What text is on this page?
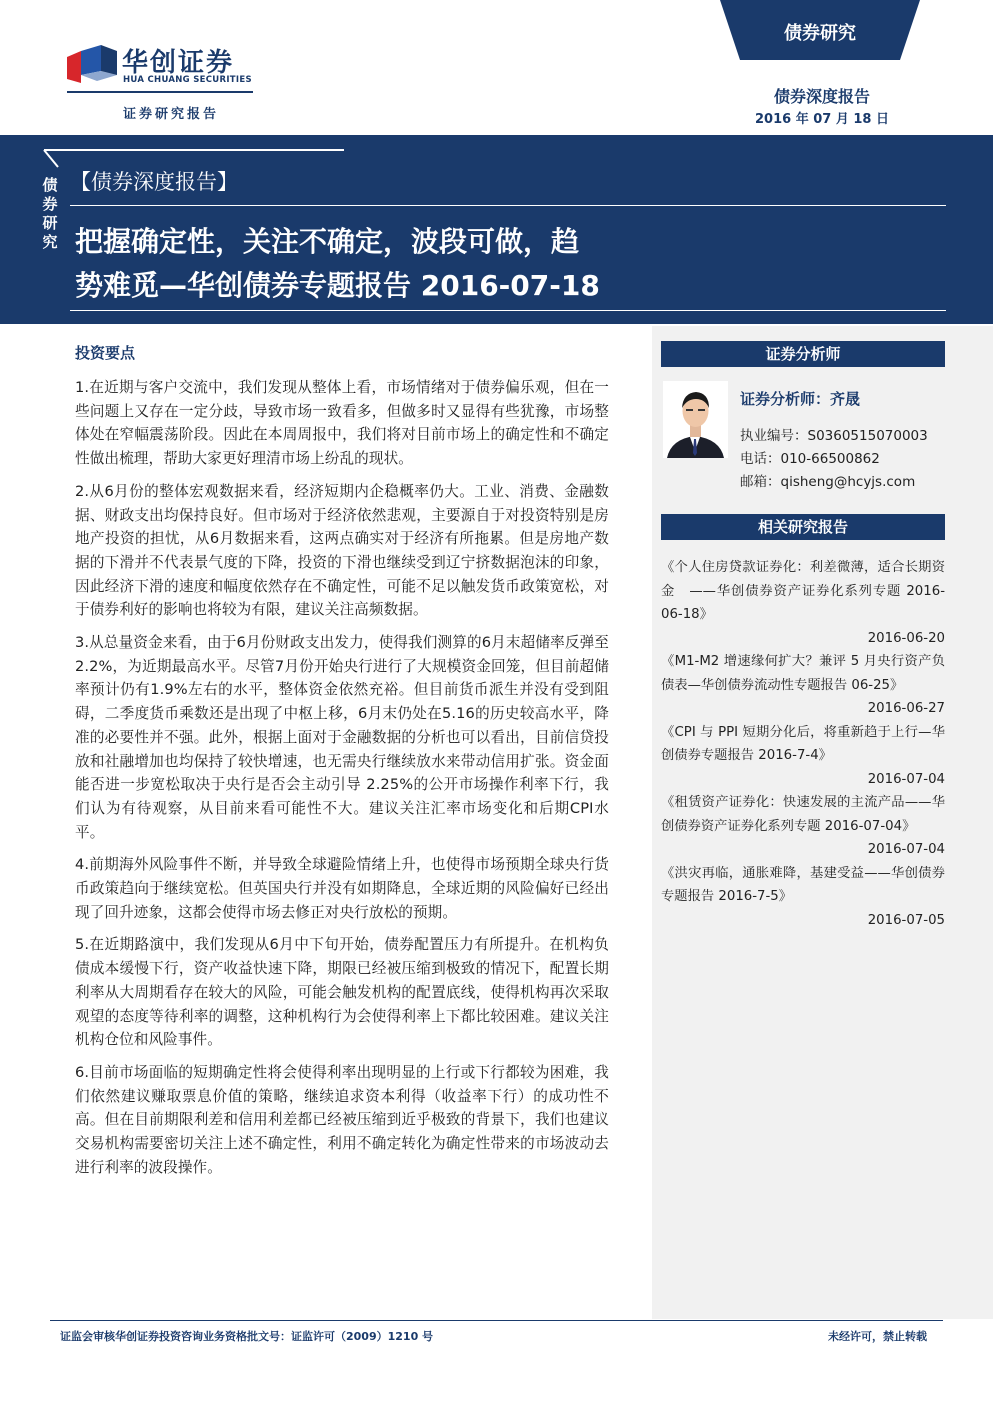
华创证券
HUA CHUANG SECURITIES
证券研究报告
债券研究
债券深度报告
2016 年 07 月 18 日
债
券
研
究
【债券深度报告】
把握确定性，关注不确定，波段可做，趋
势难觅—华创债券专题报告 2016-07-18
投资要点

1.在近期与客户交流中，我们发现从整体上看，市场情绪对于债券偏乐观，但在一些问题上又存在一定分歧，导致市场一致看多，但做多时又显得有些犹豫，市场整体处在窄幅震荡阶段。因此在本周周报中，我们将对目前市场上的确定性和不确定性做出梳理，帮助大家更好理清市场上纷乱的现状。

2.从6月份的整体宏观数据来看，经济短期内企稳概率仍大。工业、消费、金融数据、财政支出均保持良好。但市场对于经济依然悲观，主要源自于对投资特别是房地产投资的担忧，从6月数据来看，这两点确实对于经济有所拖累。但是房地产数据的下滑并不代表景气度的下降，投资的下滑也继续受到辽宁挤数据泡沫的印象，因此经济下滑的速度和幅度依然存在不确定性，可能不足以触发货币政策宽松，对于债券利好的影响也将较为有限，建议关注高频数据。

3.从总量资金来看，由于6月份财政支出发力，使得我们测算的6月末超储率反弹至2.2%，为近期最高水平。尽管7月份开始央行进行了大规模资金回笼，但目前超储率预计仍有1.9%左右的水平，整体资金依然充裕。但目前货币派生并没有受到阻碍，二季度货币乘数还是出现了中枢上移，6月末仍处在5.16的历史较高水平，降准的必要性并不强。此外，根据上面对于金融数据的分析也可以看出，目前信贷投放和社融增加也均保持了较快增速，也无需央行继续放水来带动信用扩张。资金面能否进一步宽松取决于央行是否会主动引导 2.25%的公开市场操作利率下行，我们认为有待观察，从目前来看可能性不大。建议关注汇率市场变化和后期CPI水平。

4.前期海外风险事件不断，并导致全球避险情绪上升，也使得市场预期全球央行货币政策趋向于继续宽松。但英国央行并没有如期降息，全球近期的风险偏好已经出现了回升迹象，这都会使得市场去修正对央行放松的预期。

5.在近期路演中，我们发现从6月中下旬开始，债券配置压力有所提升。在机构负债成本缓慢下行，资产收益快速下降，期限已经被压缩到极致的情况下，配置长期利率从大周期看存在较大的风险，可能会触发机构的配置底线，使得机构再次采取观望的态度等待利率的调整，这种机构行为会使得利率上下都比较困难。建议关注机构仓位和风险事件。

6.目前市场面临的短期确定性将会使得利率出现明显的上行或下行都较为困难，我们依然建议赚取票息价值的策略，继续追求资本利得（收益率下行）的成功性不高。但在目前期限利差和信用利差都已经被压缩到近乎极致的背景下，我们也建议交易机构需要密切关注上述不确定性，利用不确定转化为确定性带来的市场波动去进行利率的波段操作。

证券分析师
证券分析师：齐晟
执业编号：S0360515070003
电话：010-66500862
邮箱：qisheng@hcyjs.com
相关研究报告
《个人住房贷款证券化：利差微薄，适合长期资金　——华创债券资产证券化系列专题 2016-06-18》
2016-06-20
《M1-M2 增速缘何扩大？兼评 5 月央行资产负债表—华创债券流动性专题报告 06-25》
2016-06-27
《CPI 与 PPI 短期分化后，将重新趋于上行—华创债券专题报告 2016-7-4》
2016-07-04
《租赁资产证券化：快速发展的主流产品——华创债券资产证券化系列专题 2016-07-04》
2016-07-04
《洪灾再临，通胀难降，基建受益——华创债券专题报告 2016-7-5》
2016-07-05
证监会审核华创证券投资咨询业务资格批文号：证监许可（2009）1210 号	未经许可，禁止转载
